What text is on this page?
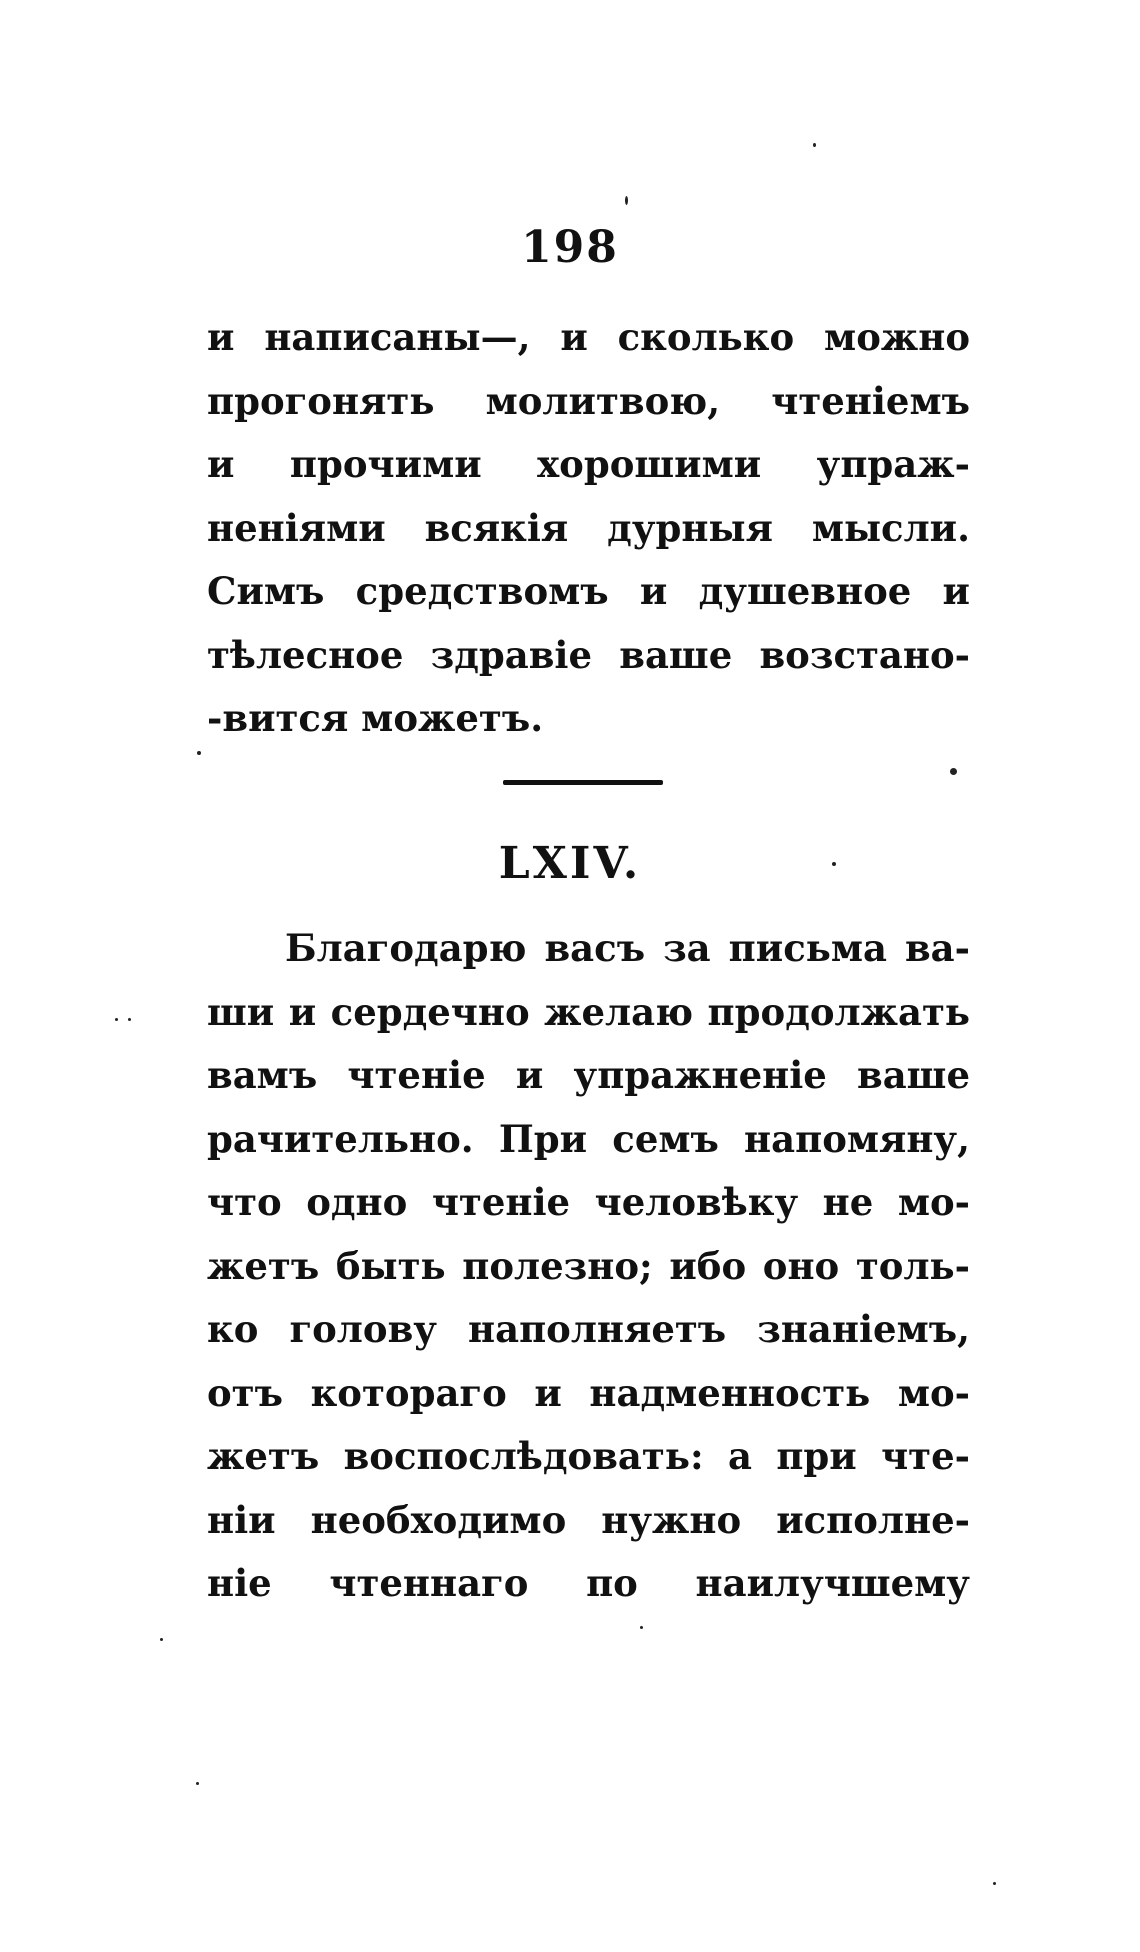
198
и написаны—, и сколько можно
прогонять молитвою, чтеніемъ
и прочими хорошими упраж-
неніями всякія дурныя мысли.
Симъ средствомъ и душевное и
тѣлесное здравіе ваше возстано-
-вится можетъ.
LXIV.
Благодарю васъ за письма ва-
ши и сердечно желаю продолжать
вамъ чтеніе и упражненіе ваше
рачительно. При семъ напомяну,
что одно чтеніе человѣку не мо-
жетъ быть полезно; ибо оно толь-
ко голову наполняетъ знаніемъ,
отъ котораго и надменность мо-
жетъ воспослѣдовать: а при чте-
ніи необходимо нужно исполне-
ніе чтеннаго по наилучшему
